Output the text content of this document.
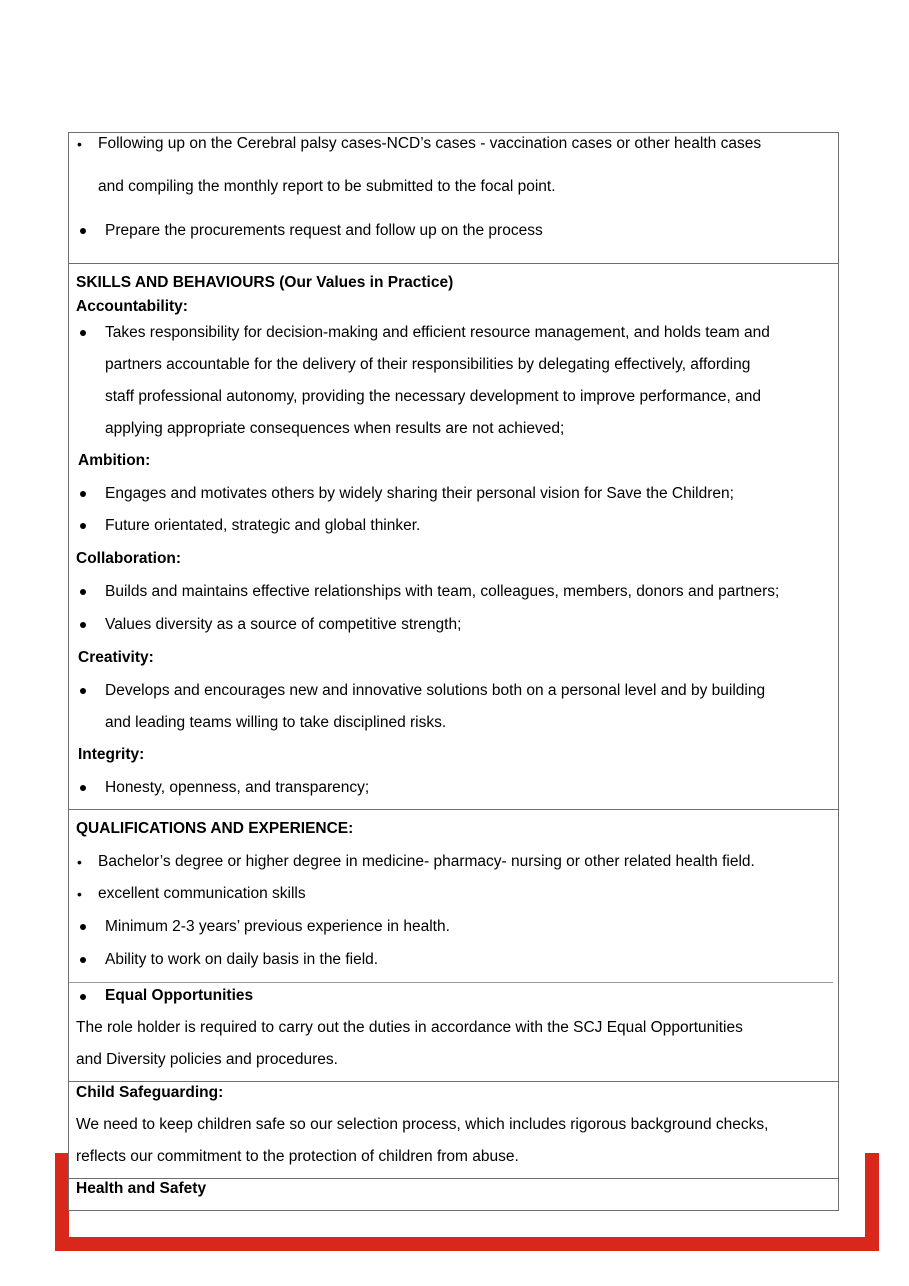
• Following up on the Cerebral palsy cases-NCD’s cases - vaccination cases or other health cases
and compiling the monthly report to be submitted to the focal point.
Prepare the procurements request and follow up on the process
SKILLS AND BEHAVIOURS (Our Values in Practice)
Accountability:
Takes responsibility for decision-making and efficient resource management, and holds team and
partners accountable for the delivery of their responsibilities by delegating effectively, affording
staff professional autonomy, providing the necessary development to improve performance, and
applying appropriate consequences when results are not achieved;
Ambition:
Engages and motivates others by widely sharing their personal vision for Save the Children;
Future orientated, strategic and global thinker.
Collaboration:
Builds and maintains effective relationships with team, colleagues, members, donors and partners;
Values diversity as a source of competitive strength;
Creativity:
Develops and encourages new and innovative solutions both on a personal level and by building
and leading teams willing to take disciplined risks.
Integrity:
Honesty, openness, and transparency;
QUALIFICATIONS AND EXPERIENCE:
• Bachelor’s degree or higher degree in medicine- pharmacy- nursing or other related health field.
• excellent communication skills
Minimum 2-3 years’ previous experience in health.
Ability to work on daily basis in the field.
Equal Opportunities
The role holder is required to carry out the duties in accordance with the SCJ Equal Opportunities
and Diversity policies and procedures.
Child Safeguarding:
We need to keep children safe so our selection process, which includes rigorous background checks,
reflects our commitment to the protection of children from abuse.
Health and Safety
